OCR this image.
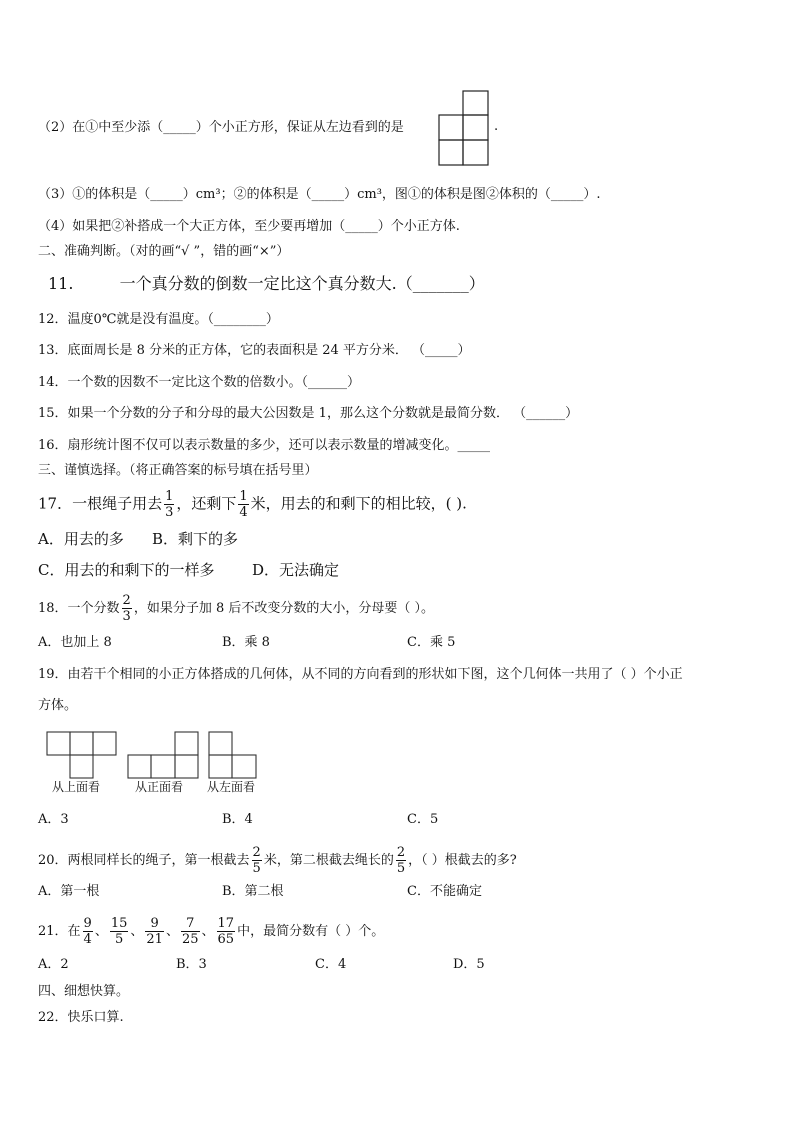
（2）在①中至少添（_____）个小正方形，保证从左边看到的是	.
（3）①的体积是（_____）cm³；②的体积是（_____）cm³，图①的体积是图②体积的（_____）.
（4）如果把②补搭成一个大正方体，至少要再增加（_____）个小正方体.
二、准确判断。（对的画“√ ”，错的画“×”）
11.	一个真分数的倒数一定比这个真分数大.（_______）
12．温度0℃就是没有温度。（________）
13．底面周长是 8 分米的正方体，它的表面积是 24 平方分米． （_____）
14．一个数的因数不一定比这个数的倍数小。（______）
15．如果一个分数的分子和分母的最大公因数是 1，那么这个分数就是最简分数． （______）
16．扇形统计图不仅可以表示数量的多少，还可以表示数量的增减变化。_____
三、谨慎选择。（将正确答案的标号填在括号里）
17．一根绳子用去 $\frac{1}{3}$ ，还剩下 $\frac{1}{4}$ 米，用去的和剩下的相比较，( ).
A．用去的多 B．剩下的多
C．用去的和剩下的一样多	D．无法确定
18．一个分数 $\frac{2}{3}$ ，如果分子加 8 后不改变分数的大小，分母要（ ）。
A．也加上 8	B．乘 8	C．乘 5
19．由若干个相同的小正方体搭成的几何体，从不同的方向看到的形状如下图，这个几何体一共用了（ ）个小正
方体。
从上面看	从正面看 从左面看
A．3	B．4	C．5
20．两根同样长的绳子，第一根截去 $\frac{2}{5}$ 米，第二根截去绳长的 $\frac{2}{5}$ ，（ ）根截去的多?
A．第一根	B．第二根	C．不能确定
21．在 $\frac{9}{4}$ 、 $\frac{15}{5}$ 、 $\frac{9}{21}$ 、 $\frac{7}{25}$ 、 $\frac{17}{65}$ 中，最简分数有（ ）个。
A．2	B．3	C．4	D．5
四、细想快算。
22．快乐口算.
